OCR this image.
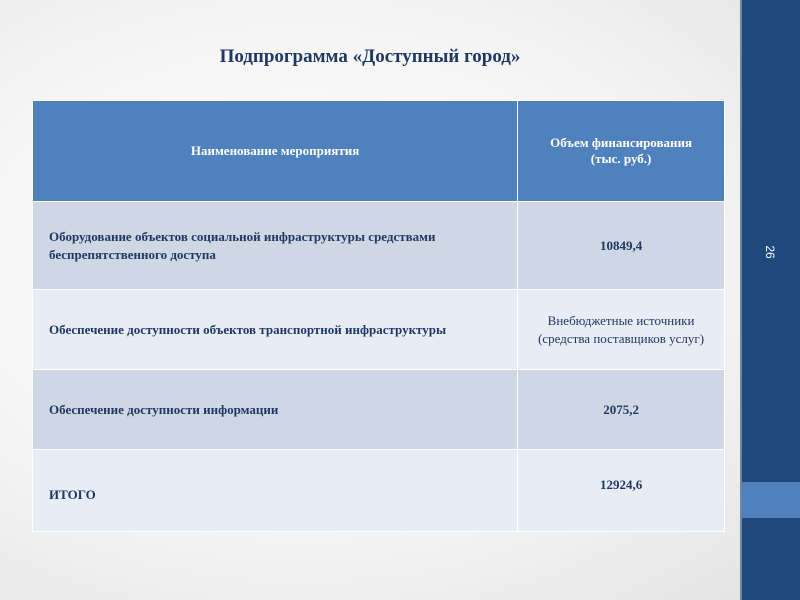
26
Подпрограмма «Доступный город»
Наименование мероприятия	Объем финансирования (тыс. руб.)
Оборудование объектов социальной инфраструктуры средствами беспрепятственного доступа	10849,4
Обеспечение доступности объектов транспортной инфраструктуры	Внебюджетные источники (средства поставщиков услуг)
Обеспечение доступности информации	2075,2
ИТОГО	12924,6
